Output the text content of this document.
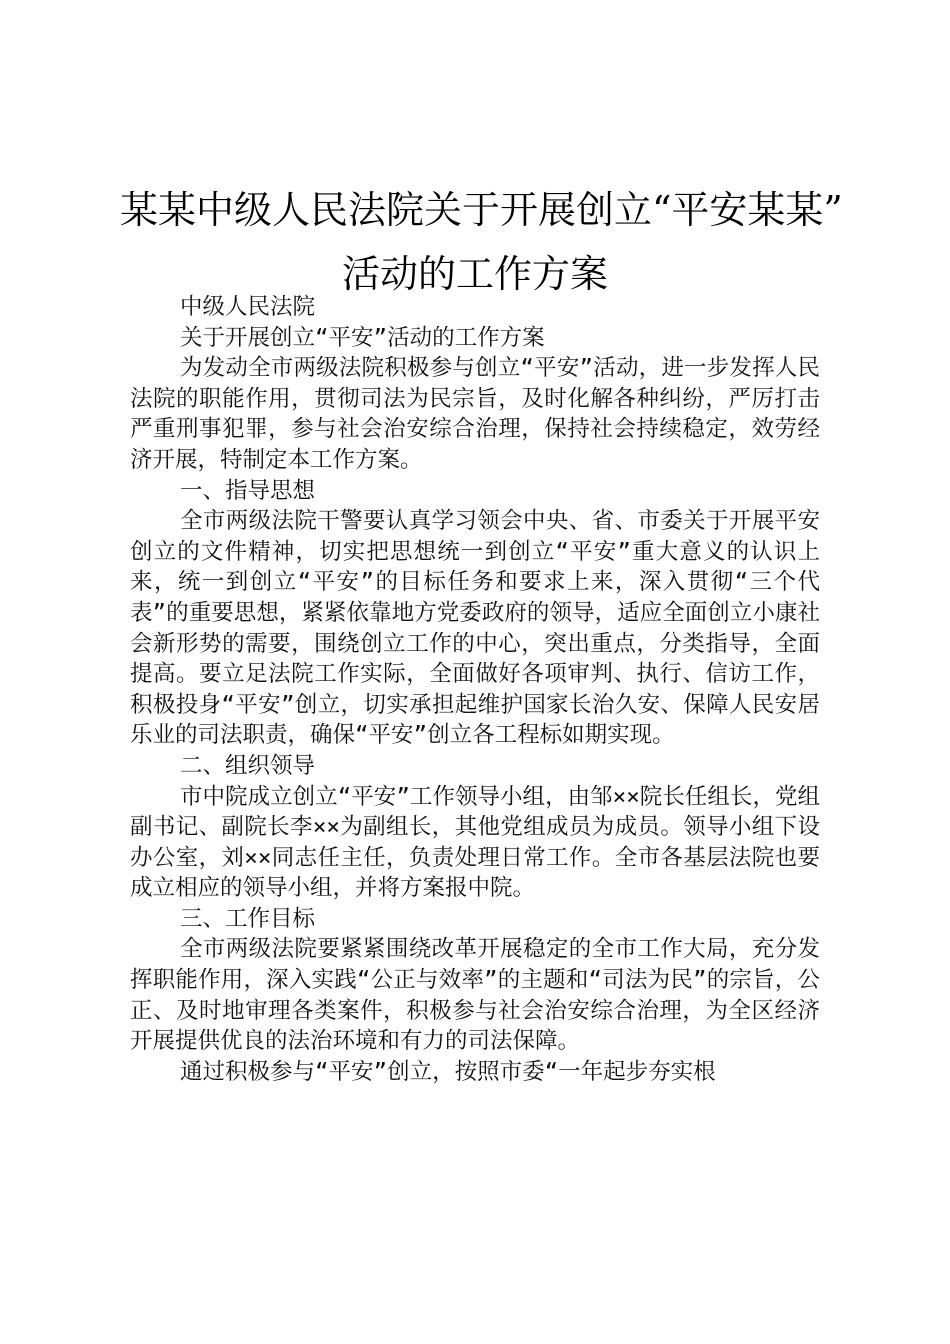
某某中级人民法院关于开展创立“平安某某”
活动的工作方案

中级人民法院

关于开展创立“平安”活动的工作方案

为发动全市两级法院积极参与创立“平安”活动，进一步发挥人民法院的职能作用，贯彻司法为民宗旨，及时化解各种纠纷，严厉打击严重刑事犯罪，参与社会治安综合治理，保持社会持续稳定，效劳经济开展，特制定本工作方案。

一、指导思想

全市两级法院干警要认真学习领会中央、省、市委关于开展平安创立的文件精神，切实把思想统一到创立“平安”重大意义的认识上来，统一到创立“平安”的目标任务和要求上来，深入贯彻“三个代表”的重要思想，紧紧依靠地方党委政府的领导，适应全面创立小康社会新形势的需要，围绕创立工作的中心，突出重点，分类指导，全面提高。要立足法院工作实际，全面做好各项审判、执行、信访工作，积极投身“平安”创立，切实承担起维护国家长治久安、保障人民安居乐业的司法职责，确保“平安”创立各工程标如期实现。

二、组织领导

市中院成立创立“平安”工作领导小组，由邹××院长任组长，党组副书记、副院长李××为副组长，其他党组成员为成员。领导小组下设办公室，刘××同志任主任，负责处理日常工作。全市各基层法院也要成立相应的领导小组，并将方案报中院。

三、工作目标

全市两级法院要紧紧围绕改革开展稳定的全市工作大局，充分发挥职能作用，深入实践“公正与效率”的主题和“司法为民”的宗旨，公正、及时地审理各类案件，积极参与社会治安综合治理，为全区经济开展提供优良的法治环境和有力的司法保障。

通过积极参与“平安”创立，按照市委“一年起步夯实根
